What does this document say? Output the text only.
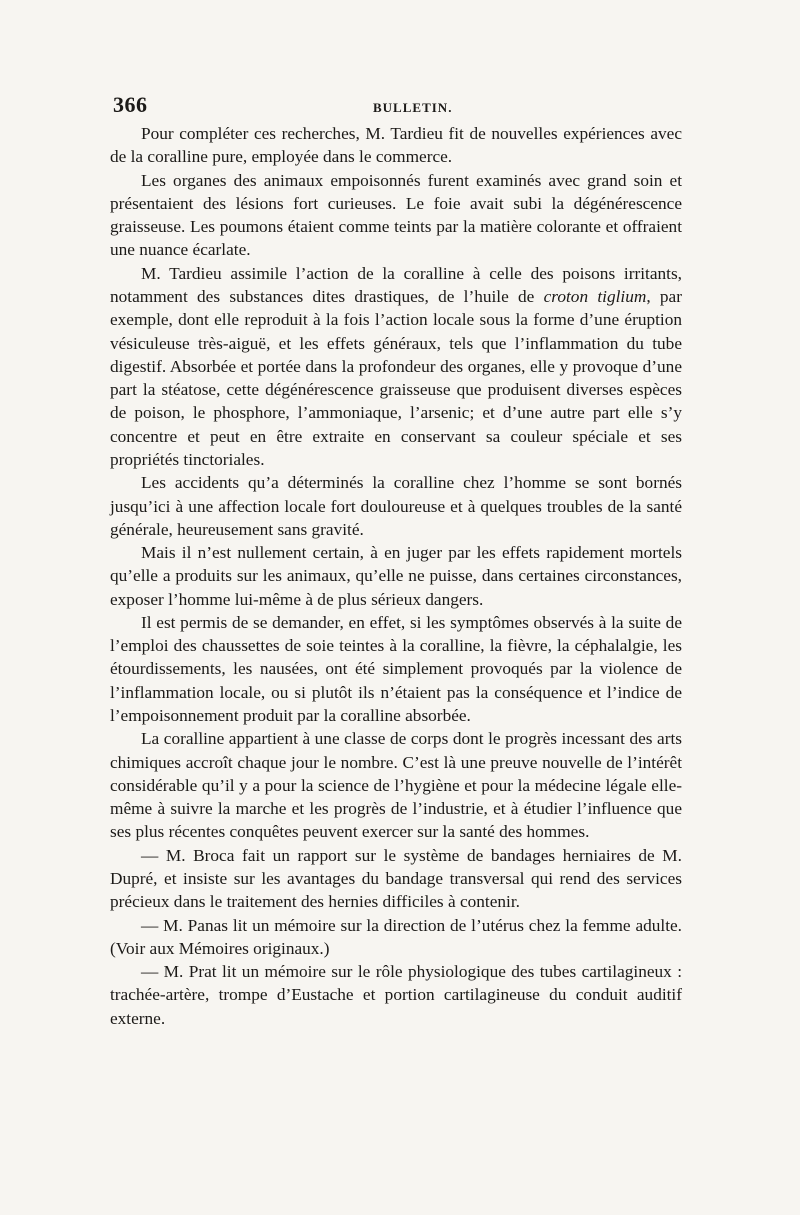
366	BULLETIN.

Pour compléter ces recherches, M. Tardieu fit de nouvelles expériences avec de la coralline pure, employée dans le commerce.

Les organes des animaux empoisonnés furent examinés avec grand soin et présentaient des lésions fort curieuses. Le foie avait subi la dégénérescence graisseuse. Les poumons étaient comme teints par la matière colorante et offraient une nuance écarlate.

M. Tardieu assimile l’action de la coralline à celle des poisons irritants, notamment des substances dites drastiques, de l’huile de croton tiglium, par exemple, dont elle reproduit à la fois l’action locale sous la forme d’une éruption vésiculeuse très-aiguë, et les effets généraux, tels que l’inflammation du tube digestif. Absorbée et portée dans la profondeur des organes, elle y provoque d’une part la stéatose, cette dégénérescence graisseuse que produisent diverses espèces de poison, le phosphore, l’ammoniaque, l’arsenic; et d’une autre part elle s’y concentre et peut en être extraite en conservant sa couleur spéciale et ses propriétés tinctoriales.

Les accidents qu’a déterminés la coralline chez l’homme se sont bornés jusqu’ici à une affection locale fort douloureuse et à quelques troubles de la santé générale, heureusement sans gravité.

Mais il n’est nullement certain, à en juger par les effets rapidement mortels qu’elle a produits sur les animaux, qu’elle ne puisse, dans certaines circonstances, exposer l’homme lui-même à de plus sérieux dangers.

Il est permis de se demander, en effet, si les symptômes observés à la suite de l’emploi des chaussettes de soie teintes à la coralline, la fièvre, la céphalalgie, les étourdissements, les nausées, ont été simplement provoqués par la violence de l’inflammation locale, ou si plutôt ils n’étaient pas la conséquence et l’indice de l’empoisonnement produit par la coralline absorbée.

La coralline appartient à une classe de corps dont le progrès incessant des arts chimiques accroît chaque jour le nombre. C’est là une preuve nouvelle de l’intérêt considérable qu’il y a pour la science de l’hygiène et pour la médecine légale elle-même à suivre la marche et les progrès de l’industrie, et à étudier l’influence que ses plus récentes conquêtes peuvent exercer sur la santé des hommes.

— M. Broca fait un rapport sur le système de bandages herniaires de M. Dupré, et insiste sur les avantages du bandage transversal qui rend des services précieux dans le traitement des hernies difficiles à contenir.

— M. Panas lit un mémoire sur la direction de l’utérus chez la femme adulte. (Voir aux Mémoires originaux.)

— M. Prat lit un mémoire sur le rôle physiologique des tubes cartilagineux : trachée-artère, trompe d’Eustache et portion cartilagineuse du conduit auditif externe.
